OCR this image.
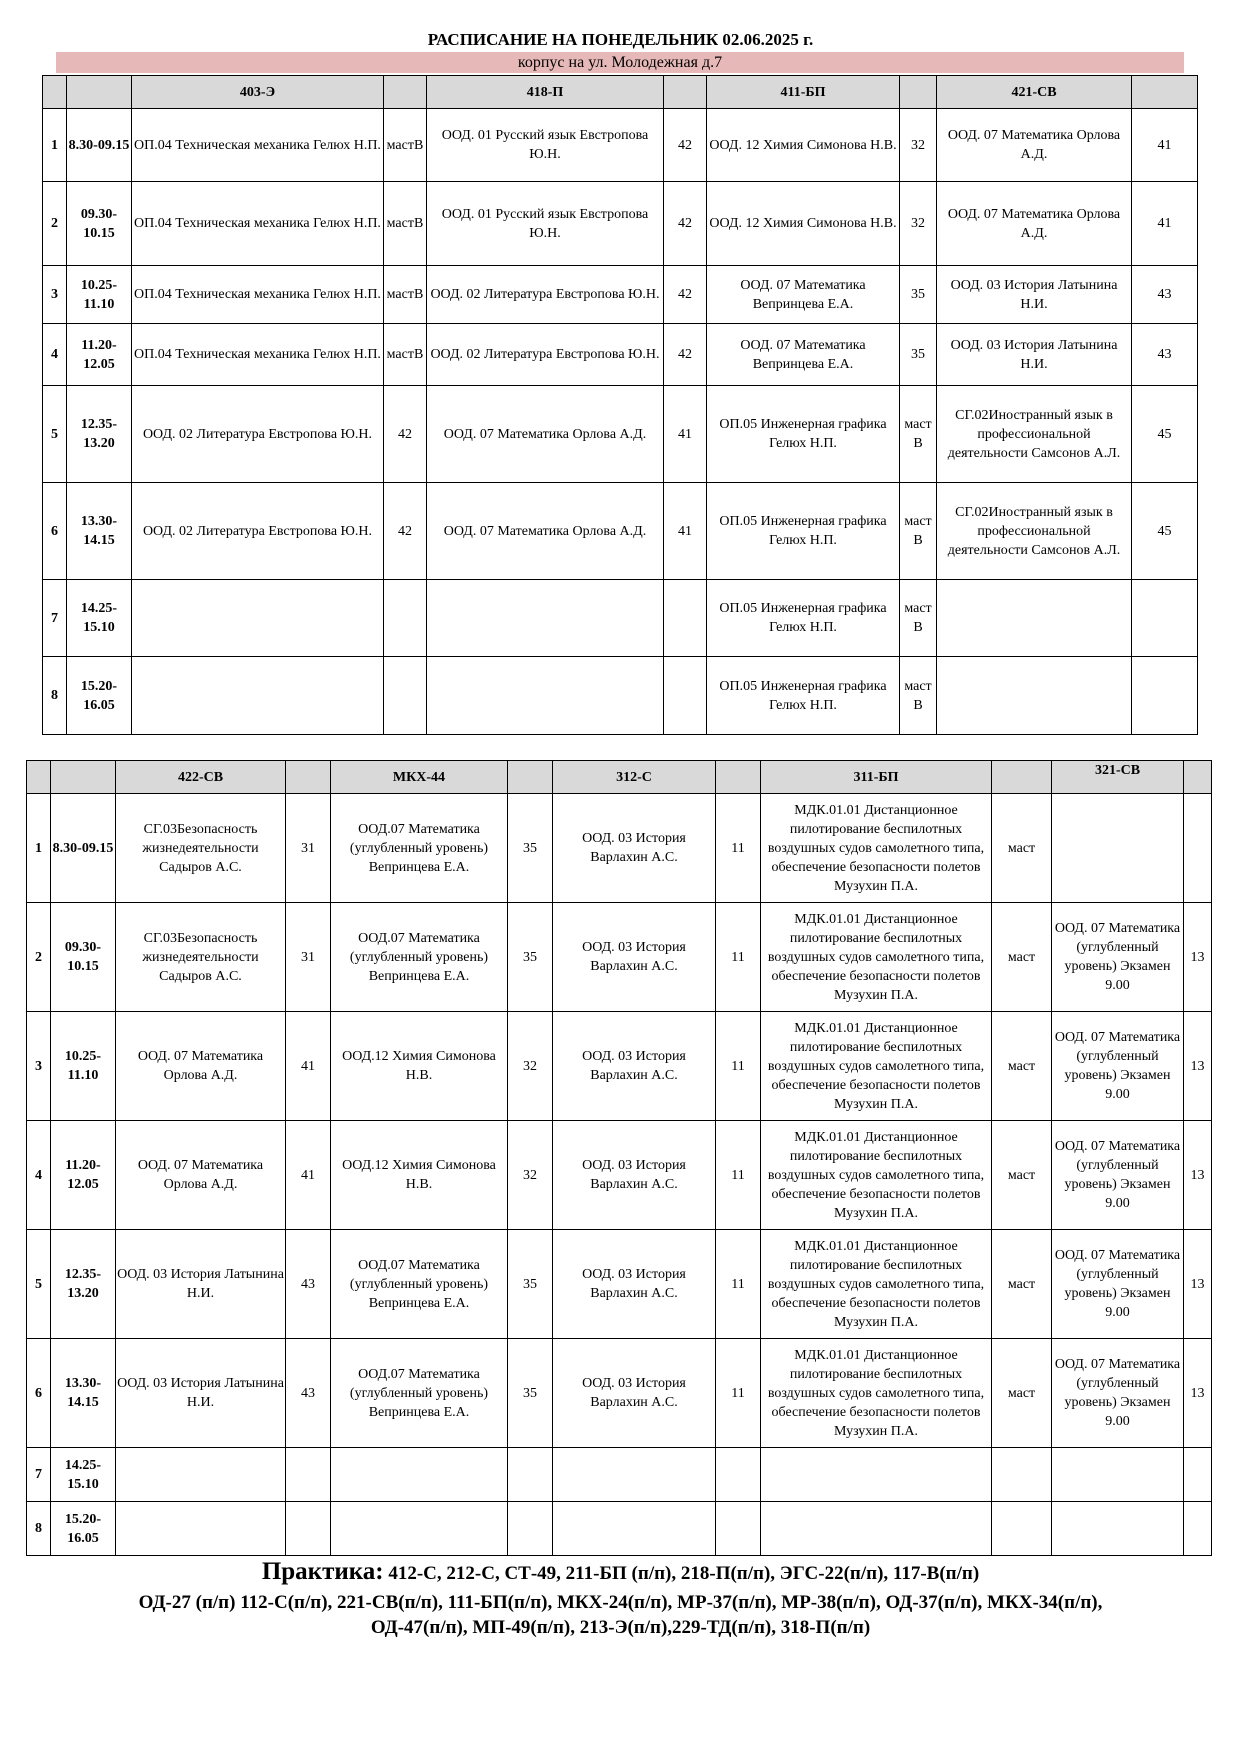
РАСПИСАНИЕ НА ПОНЕДЕЛЬНИК 02.06.2025 г.
корпус на ул. Молодежная д.7
		403-Э		418-П		411-БП		421-СВ	
1	8.30-09.15	ОП.04 Техническая механика Гелюх Н.П.	мастВ	ООД. 01 Русский язык Евстропова Ю.Н.	42	ООД. 12 Химия Симонова Н.В.	32	ООД. 07 Математика Орлова А.Д.	41
2	09.30-10.15	ОП.04 Техническая механика Гелюх Н.П.	мастВ	ООД. 01 Русский язык Евстропова Ю.Н.	42	ООД. 12 Химия Симонова Н.В.	32	ООД. 07 Математика Орлова А.Д.	41
3	10.25-11.10	ОП.04 Техническая механика Гелюх Н.П.	мастВ	ООД. 02 Литература Евстропова Ю.Н.	42	ООД. 07 Математика Вепринцева Е.А.	35	ООД. 03 История Латынина Н.И.	43
4	11.20-12.05	ОП.04 Техническая механика Гелюх Н.П.	мастВ	ООД. 02 Литература Евстропова Ю.Н.	42	ООД. 07 Математика Вепринцева Е.А.	35	ООД. 03 История Латынина Н.И.	43
5	12.35-13.20	ООД. 02 Литература Евстропова Ю.Н.	42	ООД. 07 Математика Орлова А.Д.	41	ОП.05 Инженерная графика Гелюх Н.П.	мастВ	СГ.02Иностранный язык в профессиональной деятельности Самсонов А.Л.	45
6	13.30-14.15	ООД. 02 Литература Евстропова Ю.Н.	42	ООД. 07 Математика Орлова А.Д.	41	ОП.05 Инженерная графика Гелюх Н.П.	мастВ	СГ.02Иностранный язык в профессиональной деятельности Самсонов А.Л.	45
7	14.25-15.10					ОП.05 Инженерная графика Гелюх Н.П.	мастВ		
8	15.20-16.05					ОП.05 Инженерная графика Гелюх Н.П.	мастВ		
		422-СВ		МКХ-44		312-С		311-БП		321-СВ	
1	8.30-09.15	СГ.03Безопасность жизнедеятельности Садыров А.С.	31	ООД.07 Математика (углубленный уровень) Вепринцева Е.А.	35	ООД. 03 История Варлахин А.С.	11	МДК.01.01 Дистанционное пилотирование беспилотных воздушных судов самолетного типа, обеспечение безопасности полетов Музухин П.А.	маст		
2	09.30-10.15	СГ.03Безопасность жизнедеятельности Садыров А.С.	31	ООД.07 Математика (углубленный уровень) Вепринцева Е.А.	35	ООД. 03 История Варлахин А.С.	11	МДК.01.01 Дистанционное пилотирование беспилотных воздушных судов самолетного типа, обеспечение безопасности полетов Музухин П.А.	маст	ООД. 07 Математика (углубленный уровень) Экзамен 9.00	13
3	10.25-11.10	ООД. 07 Математика Орлова А.Д.	41	ООД.12 Химия Симонова Н.В.	32	ООД. 03 История Варлахин А.С.	11	МДК.01.01 Дистанционное пилотирование беспилотных воздушных судов самолетного типа, обеспечение безопасности полетов Музухин П.А.	маст	ООД. 07 Математика (углубленный уровень) Экзамен 9.00	13
4	11.20-12.05	ООД. 07 Математика Орлова А.Д.	41	ООД.12 Химия Симонова Н.В.	32	ООД. 03 История Варлахин А.С.	11	МДК.01.01 Дистанционное пилотирование беспилотных воздушных судов самолетного типа, обеспечение безопасности полетов Музухин П.А.	маст	ООД. 07 Математика (углубленный уровень) Экзамен 9.00	13
5	12.35-13.20	ООД. 03 История Латынина Н.И.	43	ООД.07 Математика (углубленный уровень) Вепринцева Е.А.	35	ООД. 03 История Варлахин А.С.	11	МДК.01.01 Дистанционное пилотирование беспилотных воздушных судов самолетного типа, обеспечение безопасности полетов Музухин П.А.	маст	ООД. 07 Математика (углубленный уровень) Экзамен 9.00	13
6	13.30-14.15	ООД. 03 История Латынина Н.И.	43	ООД.07 Математика (углубленный уровень) Вепринцева Е.А.	35	ООД. 03 История Варлахин А.С.	11	МДК.01.01 Дистанционное пилотирование беспилотных воздушных судов самолетного типа, обеспечение безопасности полетов Музухин П.А.	маст	ООД. 07 Математика (углубленный уровень) Экзамен 9.00	13
7	14.25-15.10										
8	15.20-16.05										
Практика: 412-С, 212-С, СТ-49, 211-БП (п/п), 218-П(п/п), ЭГС-22(п/п), 117-В(п/п)
ОД-27 (п/п) 112-С(п/п), 221-СВ(п/п), 111-БП(п/п), МКХ-24(п/п), МР-37(п/п), МР-38(п/п), ОД-37(п/п), МКХ-34(п/п),
ОД-47(п/п), МП-49(п/п), 213-Э(п/п),229-ТД(п/п), 318-П(п/п)
